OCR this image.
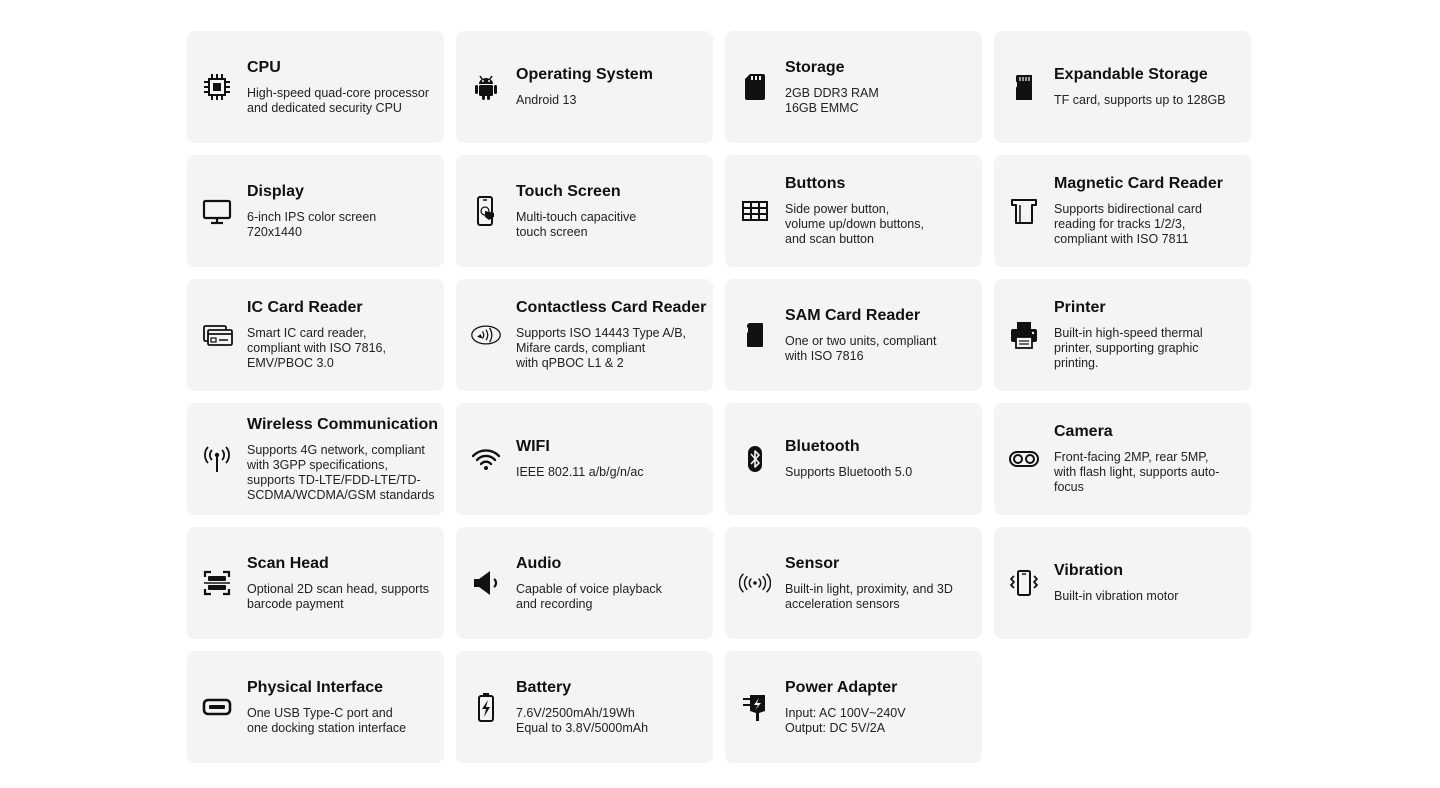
CPU
High-speed quad-core processor
and dedicated security CPU
Operating System
Android 13
Storage
2GB DDR3 RAM
16GB EMMC
Expandable Storage
TF card, supports up to 128GB
Display
6-inch IPS color screen
720x1440
Touch Screen
Multi-touch capacitive
touch screen
Buttons
Side power button,
volume up/down buttons,
and scan button
Magnetic Card Reader
Supports bidirectional card
reading for tracks 1/2/3,
compliant with ISO 7811
IC Card Reader
Smart IC card reader,
compliant with ISO 7816,
EMV/PBOC 3.0
Contactless Card Reader
Supports ISO 14443 Type A/B,
Mifare cards, compliant
with qPBOC L1 & 2
SAM Card Reader
One or two units, compliant
with ISO 7816
Printer
Built-in high-speed thermal
printer, supporting graphic
printing.
Wireless Communication
Supports 4G network, compliant
with 3GPP specifications,
supports TD-LTE/FDD-LTE/TD-
SCDMA/WCDMA/GSM standards
WIFI
IEEE 802.11 a/b/g/n/ac
Bluetooth
Supports Bluetooth 5.0
Camera
Front-facing 2MP, rear 5MP,
with flash light, supports auto-
focus
Scan Head
Optional 2D scan head, supports
barcode payment
Audio
Capable of voice playback
and recording
Sensor
Built-in light, proximity, and 3D
acceleration sensors
Vibration
Built-in vibration motor
Physical Interface
One USB Type-C port and
one docking station interface
Battery
7.6V/2500mAh/19Wh
Equal to 3.8V/5000mAh
Power Adapter
Input: AC 100V~240V
Output: DC 5V/2A
